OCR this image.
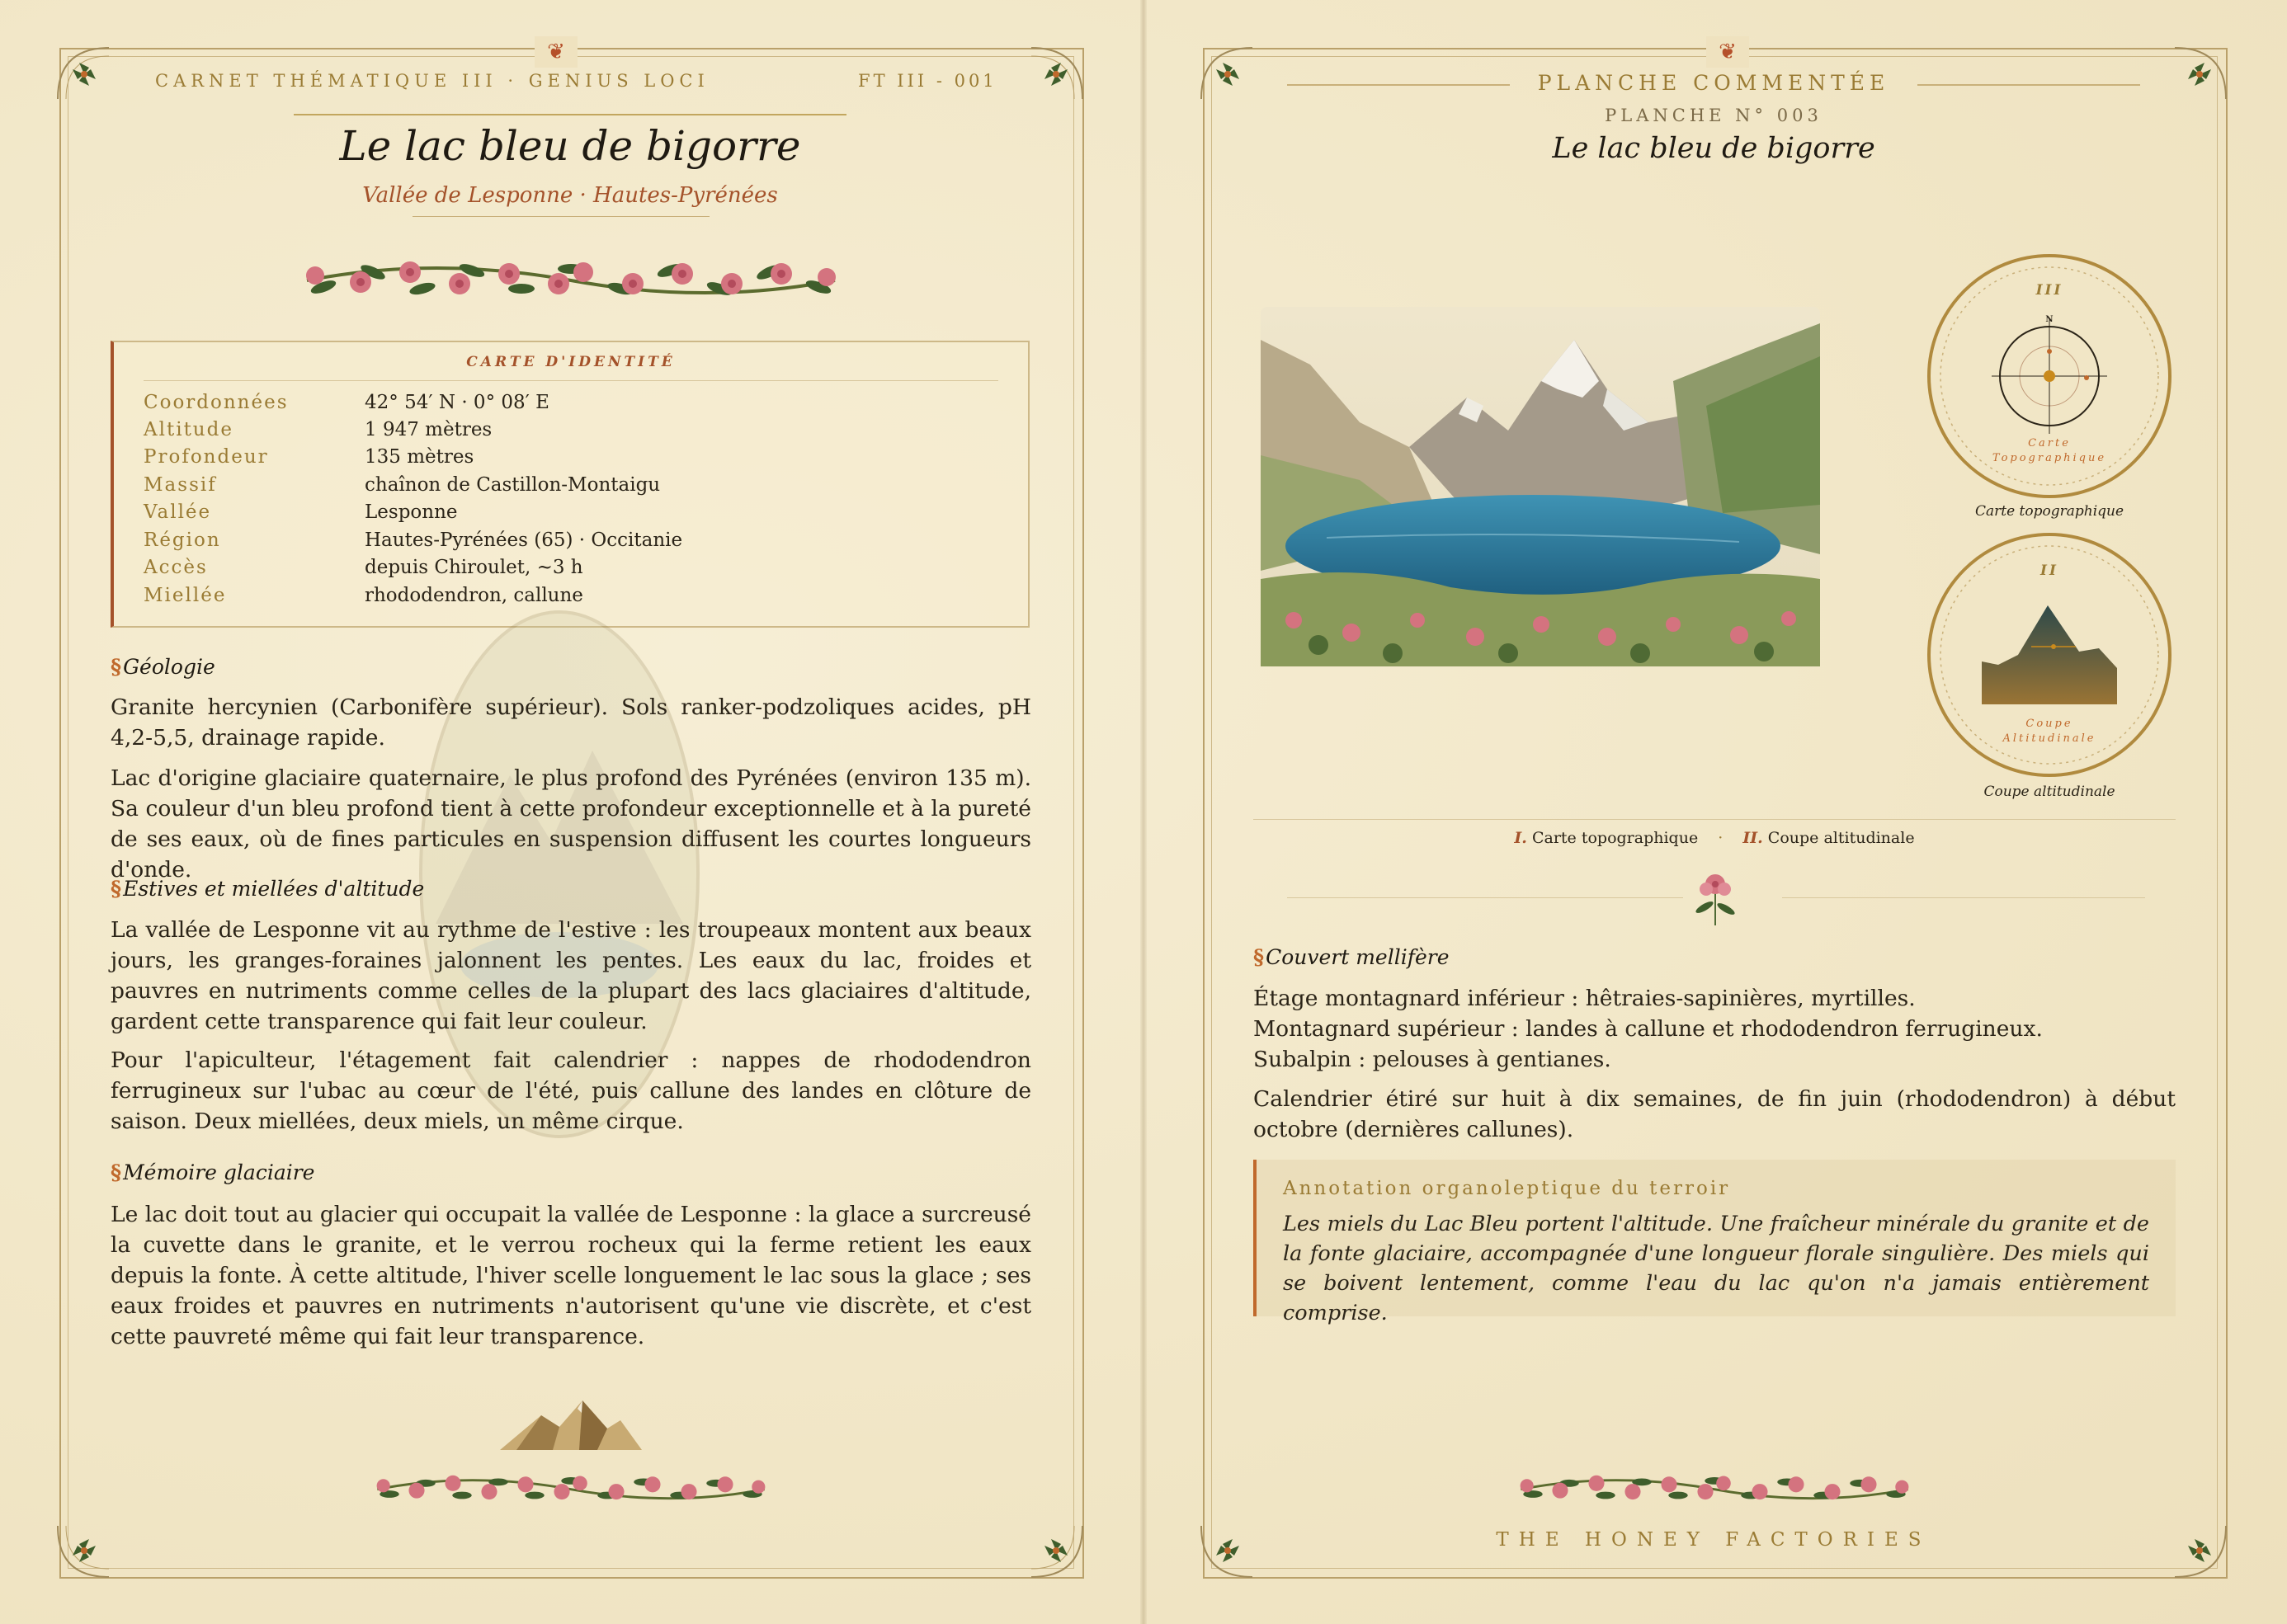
❦
CARNET THÉMATIQUE III · GENIUS LOCI	FT III - 001
Le lac bleu de bigorre
Vallée de Lesponne · Hautes-Pyrénées
CARTE D'IDENTITÉ
Coordonnées	42° 54′ N · 0° 08′ E
Altitude	1 947 mètres
Profondeur	135 mètres
Massif	chaînon de Castillon-Montaigu
Vallée	Lesponne
Région	Hautes-Pyrénées (65) · Occitanie
Accès	depuis Chiroulet, ~3 h
Miellée	rhododendron, callune
§Géologie
Granite hercynien (Carbonifère supérieur). Sols ranker-podzoliques acides, pH 4,2-5,5, drainage rapide.
Lac d'origine glaciaire quaternaire, le plus profond des Pyrénées (environ 135 m). Sa couleur d'un bleu profond tient à cette profondeur exceptionnelle et à la pureté de ses eaux, où de fines particules en suspension diffusent les courtes longueurs d'onde.
§Estives et miellées d'altitude
La vallée de Lesponne vit au rythme de l'estive : les troupeaux montent aux beaux jours, les granges-foraines jalonnent les pentes. Les eaux du lac, froides et pauvres en nutriments comme celles de la plupart des lacs glaciaires d'altitude, gardent cette transparence qui fait leur couleur.
Pour l'apiculteur, l'étagement fait calendrier : nappes de rhododendron ferrugineux sur l'ubac au cœur de l'été, puis callune des landes en clôture de saison. Deux miellées, deux miels, un même cirque.
§Mémoire glaciaire
Le lac doit tout au glacier qui occupait la vallée de Lesponne : la glace a surcreusé la cuvette dans le granite, et le verrou rocheux qui la ferme retient les eaux depuis la fonte. À cette altitude, l'hiver scelle longuement le lac sous la glace ; ses eaux froides et pauvres en nutriments n'autorisent qu'une vie discrète, et c'est cette pauvreté même qui fait leur transparence.
❦
PLANCHE COMMENTÉE
PLANCHE N° 003
Le lac bleu de bigorre
III
N
Carte
Topographique
Carte topographique
II
Coupe
Altitudinale
Coupe altitudinale
I. Carte topographique · II. Coupe altitudinale
§Couvert mellifère
Étage montagnard inférieur : hêtraies-sapinières, myrtilles.
Montagnard supérieur : landes à callune et rhododendron ferrugineux.
Subalpin : pelouses à gentianes.
Calendrier étiré sur huit à dix semaines, de fin juin (rhododendron) à début octobre (dernières callunes).
Annotation organoleptique du terroir
Les miels du Lac Bleu portent l'altitude. Une fraîcheur minérale du granite et de la fonte glaciaire, accompagnée d'une longueur florale singulière. Des miels qui se boivent lentement, comme l'eau du lac qu'on n'a jamais entièrement comprise.
THE HONEY FACTORIES
